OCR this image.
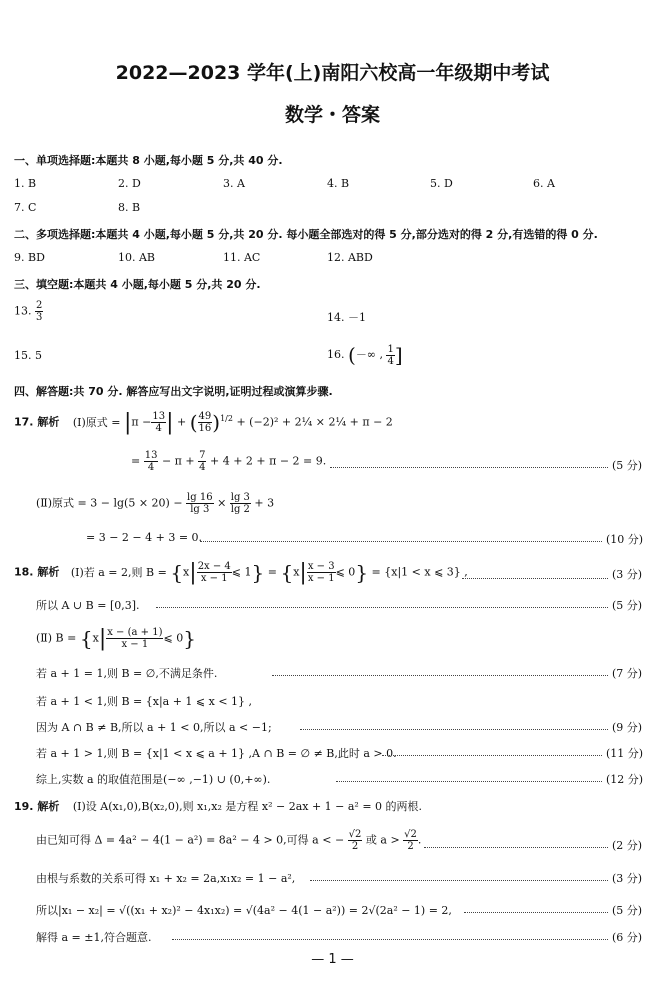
2022—2023 学年(上)南阳六校高一年级期中考试
数学・答案
一、单项选择题:本题共 8 小题,每小题 5 分,共 40 分.
1. B	2. D	3. A	4. B	5. D	6. A
7. C	8. B
二、多项选择题:本题共 4 小题,每小题 5 分,共 20 分. 每小题全部选对的得 5 分,部分选对的得 2 分,有选错的得 0 分.
9. BD	10. AB	11. AC	12. ABD
三、填空题:本题共 4 小题,每小题 5 分,共 20 分.
13. $\frac{2}{3}$	14. －1
15. 5	16. (－∞ , $\frac{1}{4}$ ]
四、解答题:共 70 分. 解答应写出文字说明,证明过程或演算步骤.
17. 解析 (Ⅰ)原式 = $|\pi - \frac{13}{4}$ | + ( $\frac{49}{16} )^{1/2} + (-2)^2$ + 2¼ × 2¼ + π − 2
= $\frac{13}{4} - \pi + \frac{7}{4} + 4 + 2 + \pi - 2 = 9$.	(5 分)
(Ⅱ)原式 = $3 - \lg(5 \times 20) - \frac{\lg 16}{\lg 3} \times \frac{\lg 3}{\lg 2} + 3$
= 3 − 2 − 4 + 3 = 0.	(10 分)
18. 解析 (Ⅰ)若 a = 2,则 $B = \{x| \frac{2x - 4}{x - 1}$ ⩽ $1\} = \{x| \frac{x - 3}{x - 1}$ ⩽ 0} = {x|1 < x ⩽ 3} ,	(3 分)
所以 A ∪ B = [0,3].	(5 分)
(Ⅱ) $B = \{x| \frac{x - (a + 1)}{x - 1}$ ⩽ 0}
若 a + 1 = 1,则 B = ∅,不满足条件.	(7 分)
若 a + 1 < 1,则 B = {x|a + 1 ⩽ x < 1} ,
因为 A ∩ B ≠ B,所以 a + 1 < 0,所以 a < −1;	(9 分)
若 a + 1 > 1,则 B = {x|1 < x ⩽ a + 1} ,A ∩ B = ∅ ≠ B,此时 a > 0.	(11 分)
综上,实数 a 的取值范围是(−∞ ,−1) ∪ (0,+∞).	(12 分)
19. 解析 (Ⅰ)设 A(x₁,0),B(x₂,0),则 x₁,x₂ 是方程 x² − 2ax + 1 − a² = 0 的两根.
由已知可得 Δ = 4a² − 4(1 − a²) = 8a² − 4 > 0,可得 a < − $\frac{√2}{2}$ 或 $a > \frac{√2}{2}$ .	(2 分)
由根与系数的关系可得 x₁ + x₂ = 2a,x₁x₂ = 1 − a²,	(3 分)
所以|x₁ − x₂| = √((x₁ + x₂)² − 4x₁x₂) = √(4a² − 4(1 − a²)) = 2√(2a² − 1) = 2,	(5 分)
解得 a = ±1,符合题意.	(6 分)
— 1 —
